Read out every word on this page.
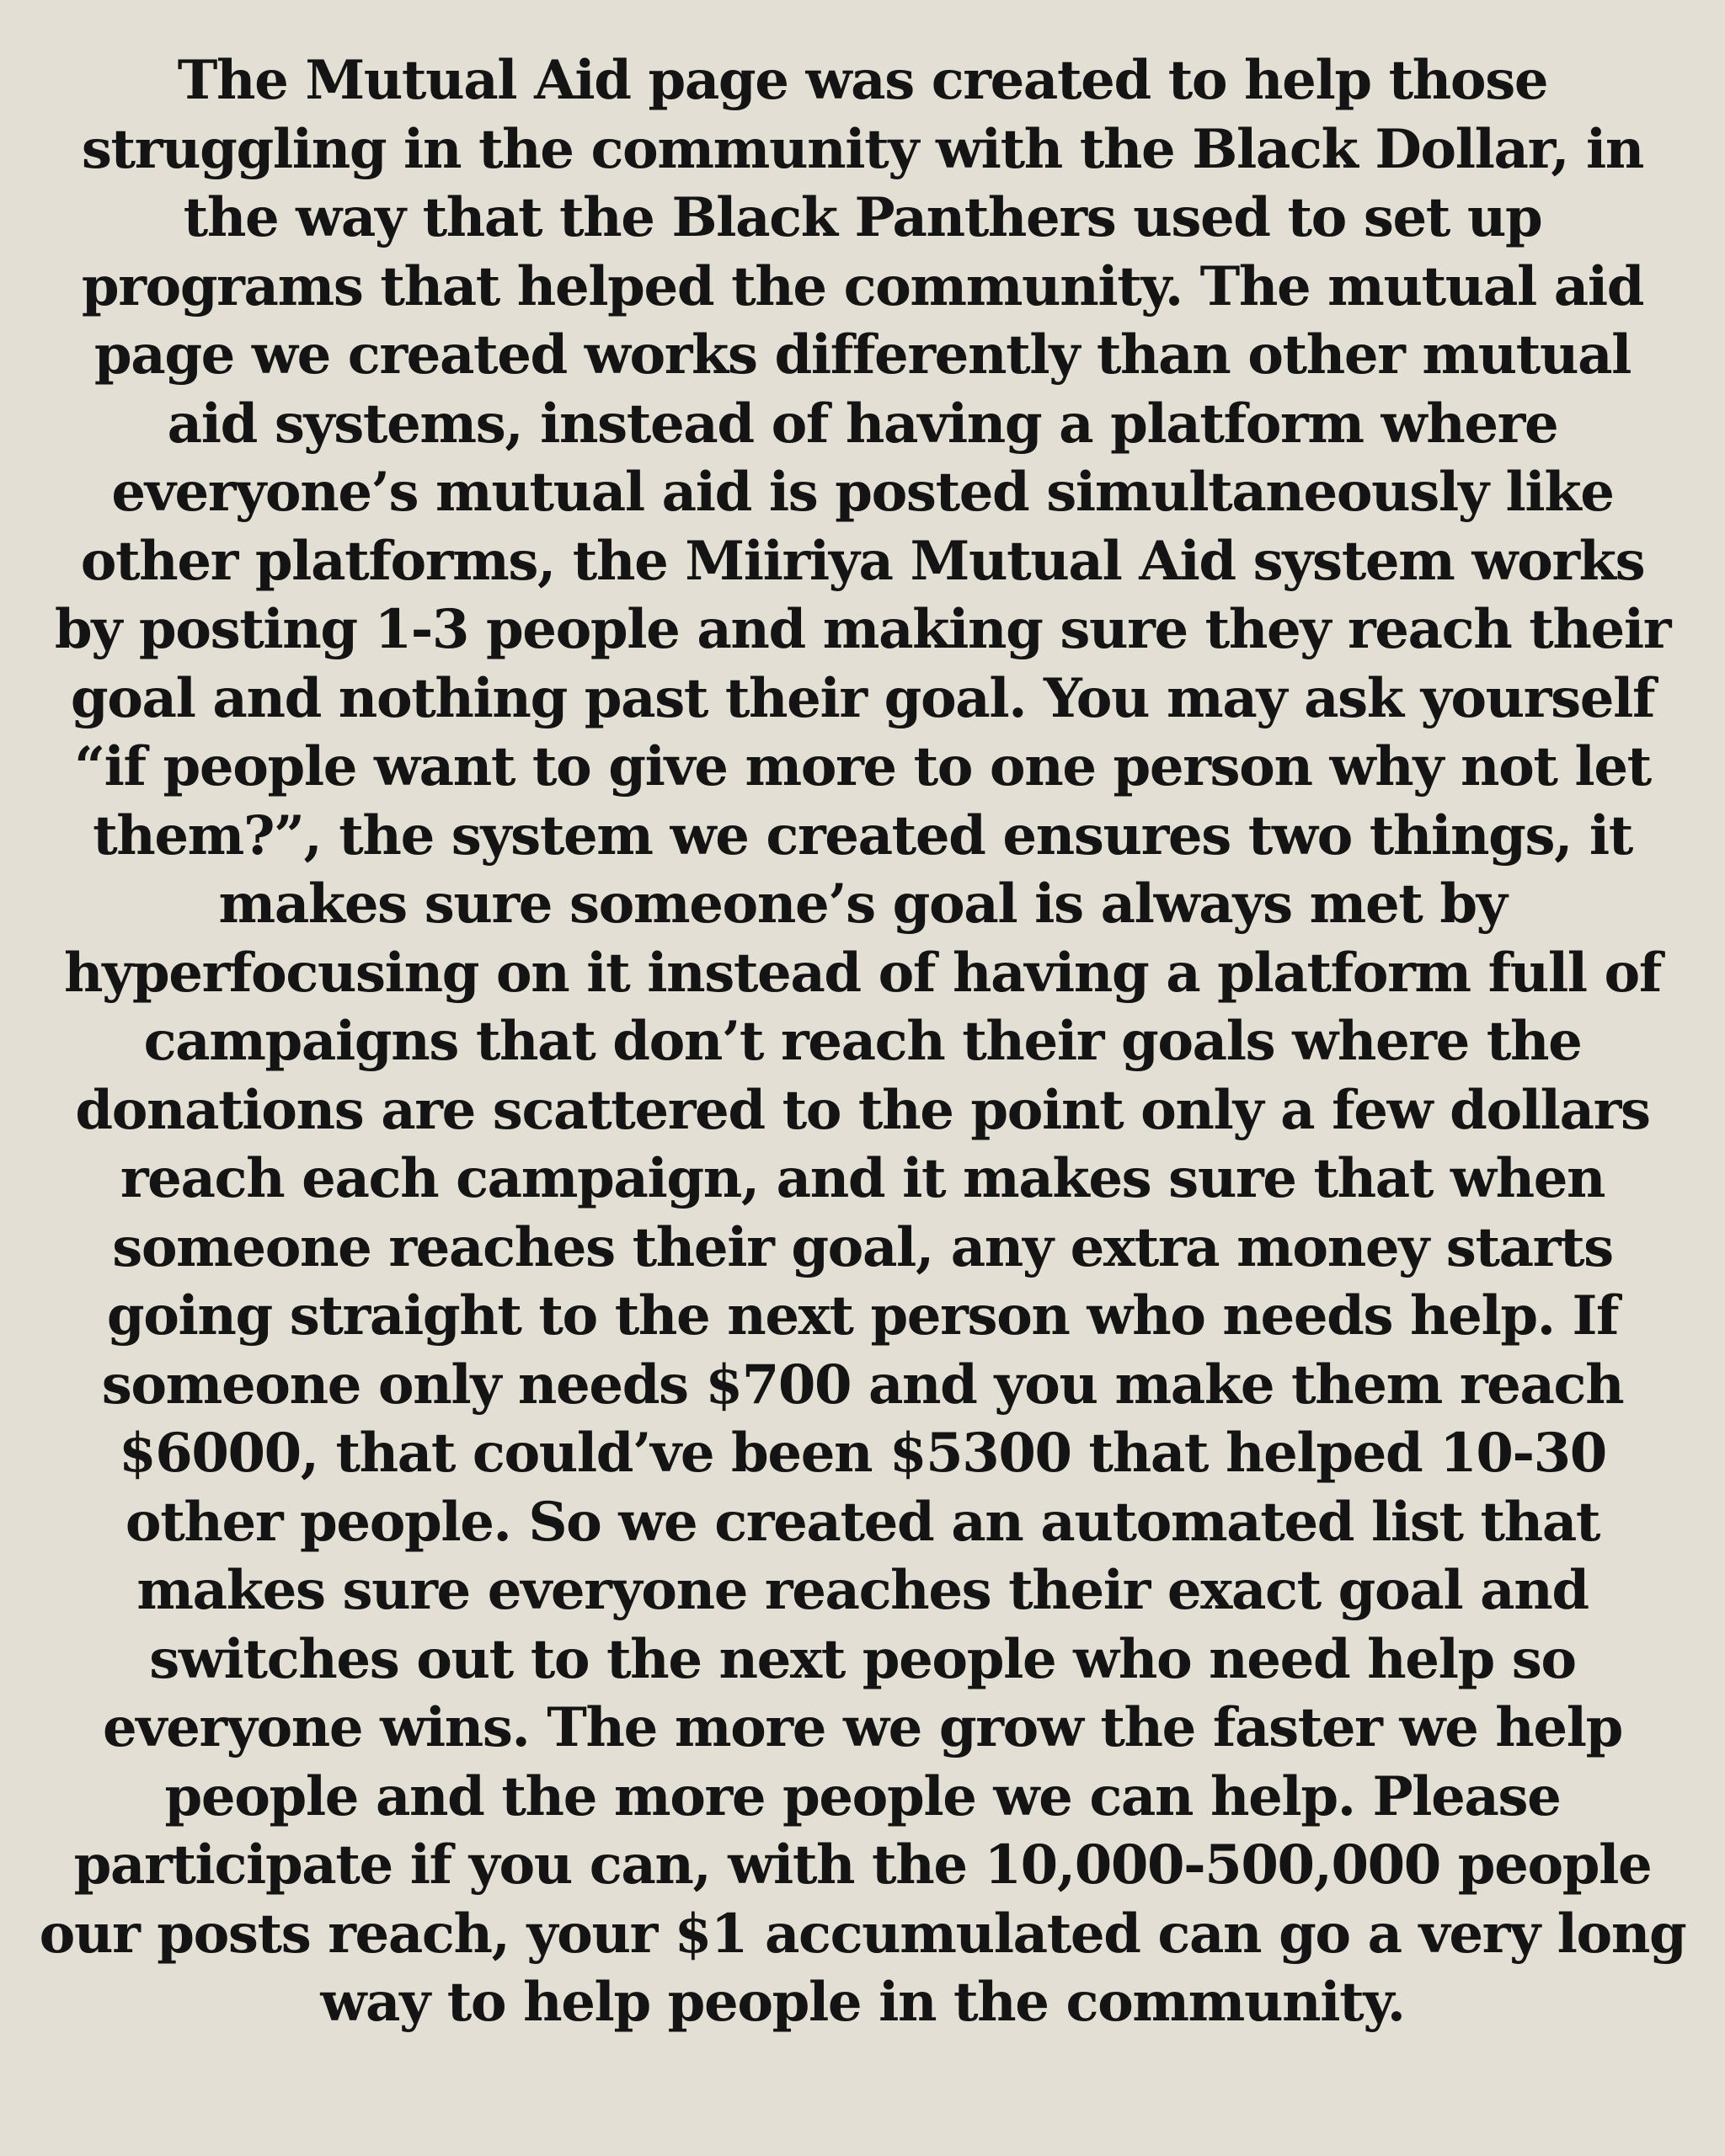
The Mutual Aid page was created to help those
struggling in the community with the Black Dollar, in
the way that the Black Panthers used to set up
programs that helped the community. The mutual aid
page we created works differently than other mutual
aid systems, instead of having a platform where
everyone’s mutual aid is posted simultaneously like
other platforms, the Miiriya Mutual Aid system works
by posting 1-3 people and making sure they reach their
goal and nothing past their goal. You may ask yourself
“if people want to give more to one person why not let
them?”, the system we created ensures two things, it
makes sure someone’s goal is always met by
hyperfocusing on it instead of having a platform full of
campaigns that don’t reach their goals where the
donations are scattered to the point only a few dollars
reach each campaign, and it makes sure that when
someone reaches their goal, any extra money starts
going straight to the next person who needs help. If
someone only needs $700 and you make them reach
$6000, that could’ve been $5300 that helped 10-30
other people. So we created an automated list that
makes sure everyone reaches their exact goal and
switches out to the next people who need help so
everyone wins. The more we grow the faster we help
people and the more people we can help. Please
participate if you can, with the 10,000-500,000 people
our posts reach, your $1 accumulated can go a very long
way to help people in the community.
